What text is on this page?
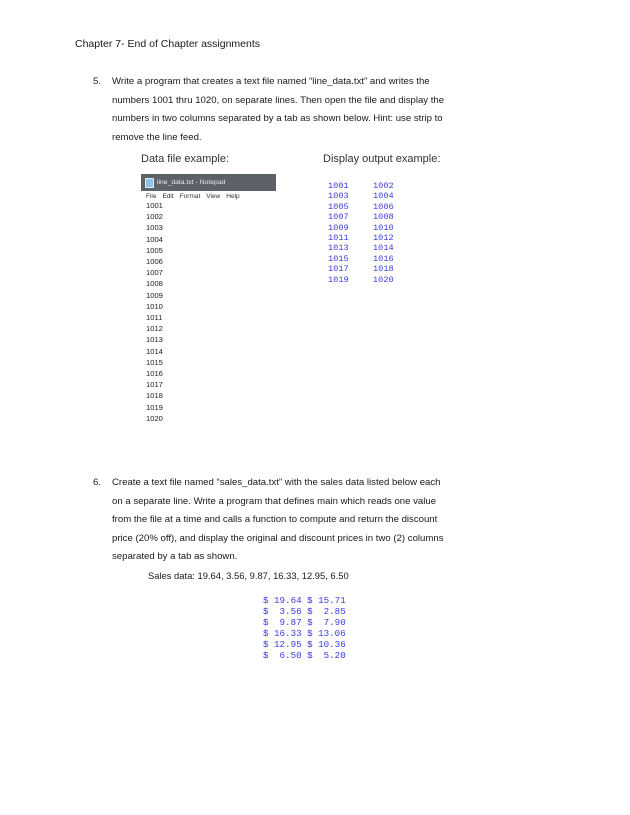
Chapter 7- End of Chapter assignments
5. Write a program that creates a text file named “line_data.txt” and writes the
numbers 1001 thru 1020, on separate lines. Then open the file and display the
numbers in two columns separated by a tab as shown below. Hint: use strip to
remove the line feed.
Data file example:	Display output example:
line_data.txt - Notepad
File Edit Format View Help
1001
1002
1003
1004
1005
1006
1007
1008
1009
1010
1011
1012
1013
1014
1015
1016
1017
1018
1019
1020
1001	1002
1003	1004
1005	1006
1007	1008
1009	1010
1011	1012
1013	1014
1015	1016
1017	1018
1019	1020
6. Create a text file named “sales_data.txt” with the sales data listed below each
on a separate line. Write a program that defines main which reads one value
from the file at a time and calls a function to compute and return the discount
price (20% off), and display the original and discount prices in two (2) columns
separated by a tab as shown.
Sales data: 19.64, 3.56, 9.87, 16.33, 12.95, 6.50
$ 19.64 $ 15.71
$  3.56 $  2.85
$  9.87 $  7.90
$ 16.33 $ 13.06
$ 12.95 $ 10.36
$  6.50 $  5.20
